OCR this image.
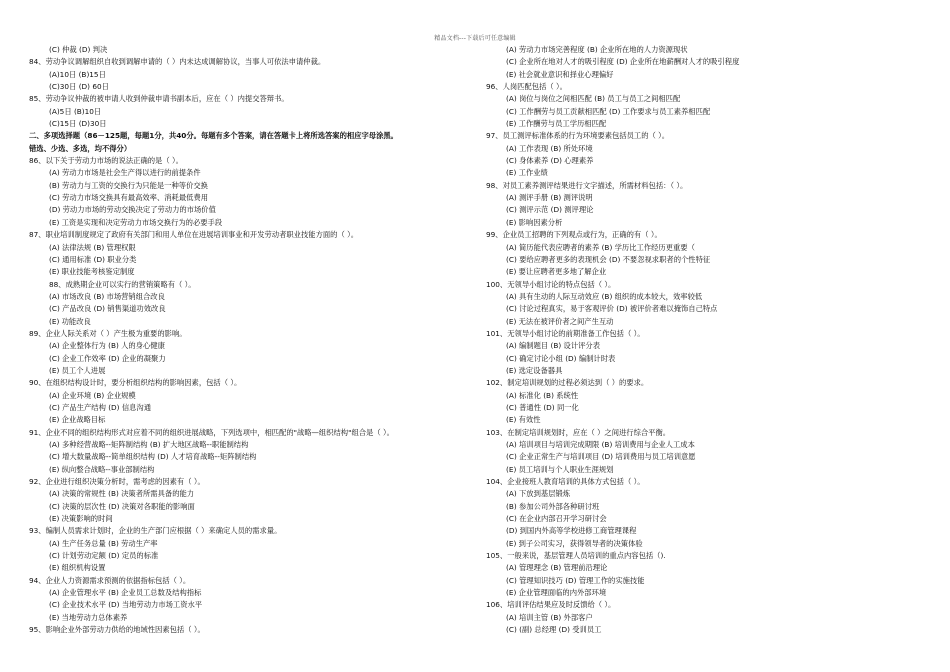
精品文档---下载后可任意编辑
(C) 仲裁 (D) 判决
84、劳动争议调解组织自收到调解申请的（ ）内未达成调解协议，当事人可依法申请仲裁。
(A)10日 (B)15日
(C)30日 (D) 60日
85、劳动争议仲裁的被申请人收到仲裁申请书副本后，应在（ ）内提交答辩书。
(A)5日 (B)10日
(C)15日 (D)30日
二、多项选择题（86－125题，每题1分，共40分。每题有多个答案，请在答题卡上将所选答案的相应字母涂黑。
错选、少选、多选，均不得分）
86、以下关于劳动力市场的说法正确的是（ ）。
(A) 劳动力市场是社会生产得以进行的前提条件
(B) 劳动力与工资的交换行为只能是一种等价交换
(C) 劳动力市场交换具有最高效率、消耗最低费用
(D) 劳动力市场的劳动交换决定了劳动力的市场价值
(E) 工资是实现和决定劳动力市场交换行为的必要手段
87、职业培训制度规定了政府有关部门和用人单位在进展培训事业和开发劳动者职业技能方面的（ ）。
(A) 法律法规 (B) 管理权限
(C) 通用标准 (D) 职业分类
(E) 职业技能考核鉴定制度
88、成熟期企业可以实行的营销策略有（ ）。
(A) 市场改良 (B) 市场营销组合改良
(C) 产品改良 (D) 销售渠道功效改良
(E) 功能改良
89、企业人际关系对（ ）产生极为重要的影响。
(A) 企业整体行为 (B) 人的身心健康
(C) 企业工作效率 (D) 企业的凝聚力
(E) 员工个人进展
90、在组织结构设计时，要分析组织结构的影响因素，包括（ ）。
(A) 企业环境 (B) 企业规模
(C) 产品生产结构 (D) 信息沟通
(E) 企业战略目标
91、企业不同的组织结构形式对应着不同的组织进展战略，下列选项中，相匹配的"战略—组织结构"组合是（ ）。
(A) 多种经营战略--矩阵制结构 (B) 扩大地区战略--职能制结构
(C) 增大数量战略--简单组织结构 (D) 人才培育战略--矩阵制结构
(E) 纵向整合战略--事业部制结构
92、企业进行组织决策分析时，需考虑的因素有（ ）。
(A) 决策的常规性 (B) 决策者所需具备的能力
(C) 决策的层次性 (D) 决策对各职能的影响面
(E) 决策影响的时间
93、编制人员需求计划时，企业的生产部门应根据（ ）来确定人员的需求量。
(A) 生产任务总量 (B) 劳动生产率
(C) 计划劳动定额 (D) 定员的标准
(E) 组织机构设置
94、企业人力资源需求预测的依据指标包括（ ）。
(A) 企业管理水平 (B) 企业员工总数及结构指标
(C) 企业技术水平 (D) 当地劳动力市场工资水平
(E) 当地劳动力总体素养
95、影响企业外部劳动力供给的地域性因素包括（ ）。
(A) 劳动力市场完善程度 (B) 企业所在地的人力资源现状
(C) 企业所在地对人才的吸引程度 (D) 企业所在地薪酬对人才的吸引程度
(E) 社会就业意识和择业心理偏好
96、人岗匹配包括（ ）。
(A) 岗位与岗位之间相匹配 (B) 员工与员工之间相匹配
(C) 工作酬劳与员工贡献相匹配 (D) 工作要求与员工素养相匹配
(E) 工作酬劳与员工学历相匹配
97、员工测评标准体系的行为环境要素包括员工的（ ）。
(A) 工作表现 (B) 所处环境
(C) 身体素养 (D) 心理素养
(E) 工作业绩
98、对员工素养测评结果进行文字描述，所需材料包括：（ ）。
(A) 测评手册 (B) 测评说明
(C) 测评示范 (D) 测评理论
(E) 影响因素分析
99、企业员工招聘的下列观点或行为，正确的有（ ）。
(A) 简历能代表应聘者的素养 (B) 学历比工作经历更重要（
(C) 要给应聘者更多的表现机会 (D) 不要忽视求职者的个性特征
(E) 要让应聘者更多地了解企业
100、无领导小组讨论的特点包括（ ）。
(A) 具有生动的人际互动效应 (B) 组织的成本较大，效率较低
(C) 讨论过程真实，易于客观评价 (D) 被评价者难以掩饰自己特点
(E) 无法在被评价者之间产生互动
101、无领导小组讨论的前期准备工作包括（ ）。
(A) 编制题目 (B) 设计评分表
(C) 确定讨论小组 (D) 编制计时表
(E) 选定设备器具
102、制定培训规划的过程必须达到（ ）的要求。
(A) 标准化 (B) 系统性
(C) 普通性 (D) 同一化
(E) 有效性
103、在制定培训规划时，应在（ ）之间进行综合平衡。
(A) 培训项目与培训完成期限 (B) 培训费用与企业人工成本
(C) 企业正常生产与培训项目 (D) 培训费用与员工培训意愿
(E) 员工培训与个人职业生涯规划
104、企业接班人教育培训的具体方式包括（ ）。
(A) 下放到基层锻炼
(B) 参加公司外部各种研讨班
(C) 在企业内部召开学习研讨会
(D) 到国内外高等学校进修工商管理课程
(E) 到子公司实习，获得领导者的决策体验
105、一般来说，基层管理人员培训的重点内容包括（).
(A) 管理理念 (B) 管理前沿理论
(C) 管理知识技巧 (D) 管理工作的实施技能
(E) 企业管理面临的内外部环境
106、培训评估结果应及时反馈给（ ）。
(A) 培训主管 (B) 外部客户
(C) (副) 总经理 (D) 受训员工
